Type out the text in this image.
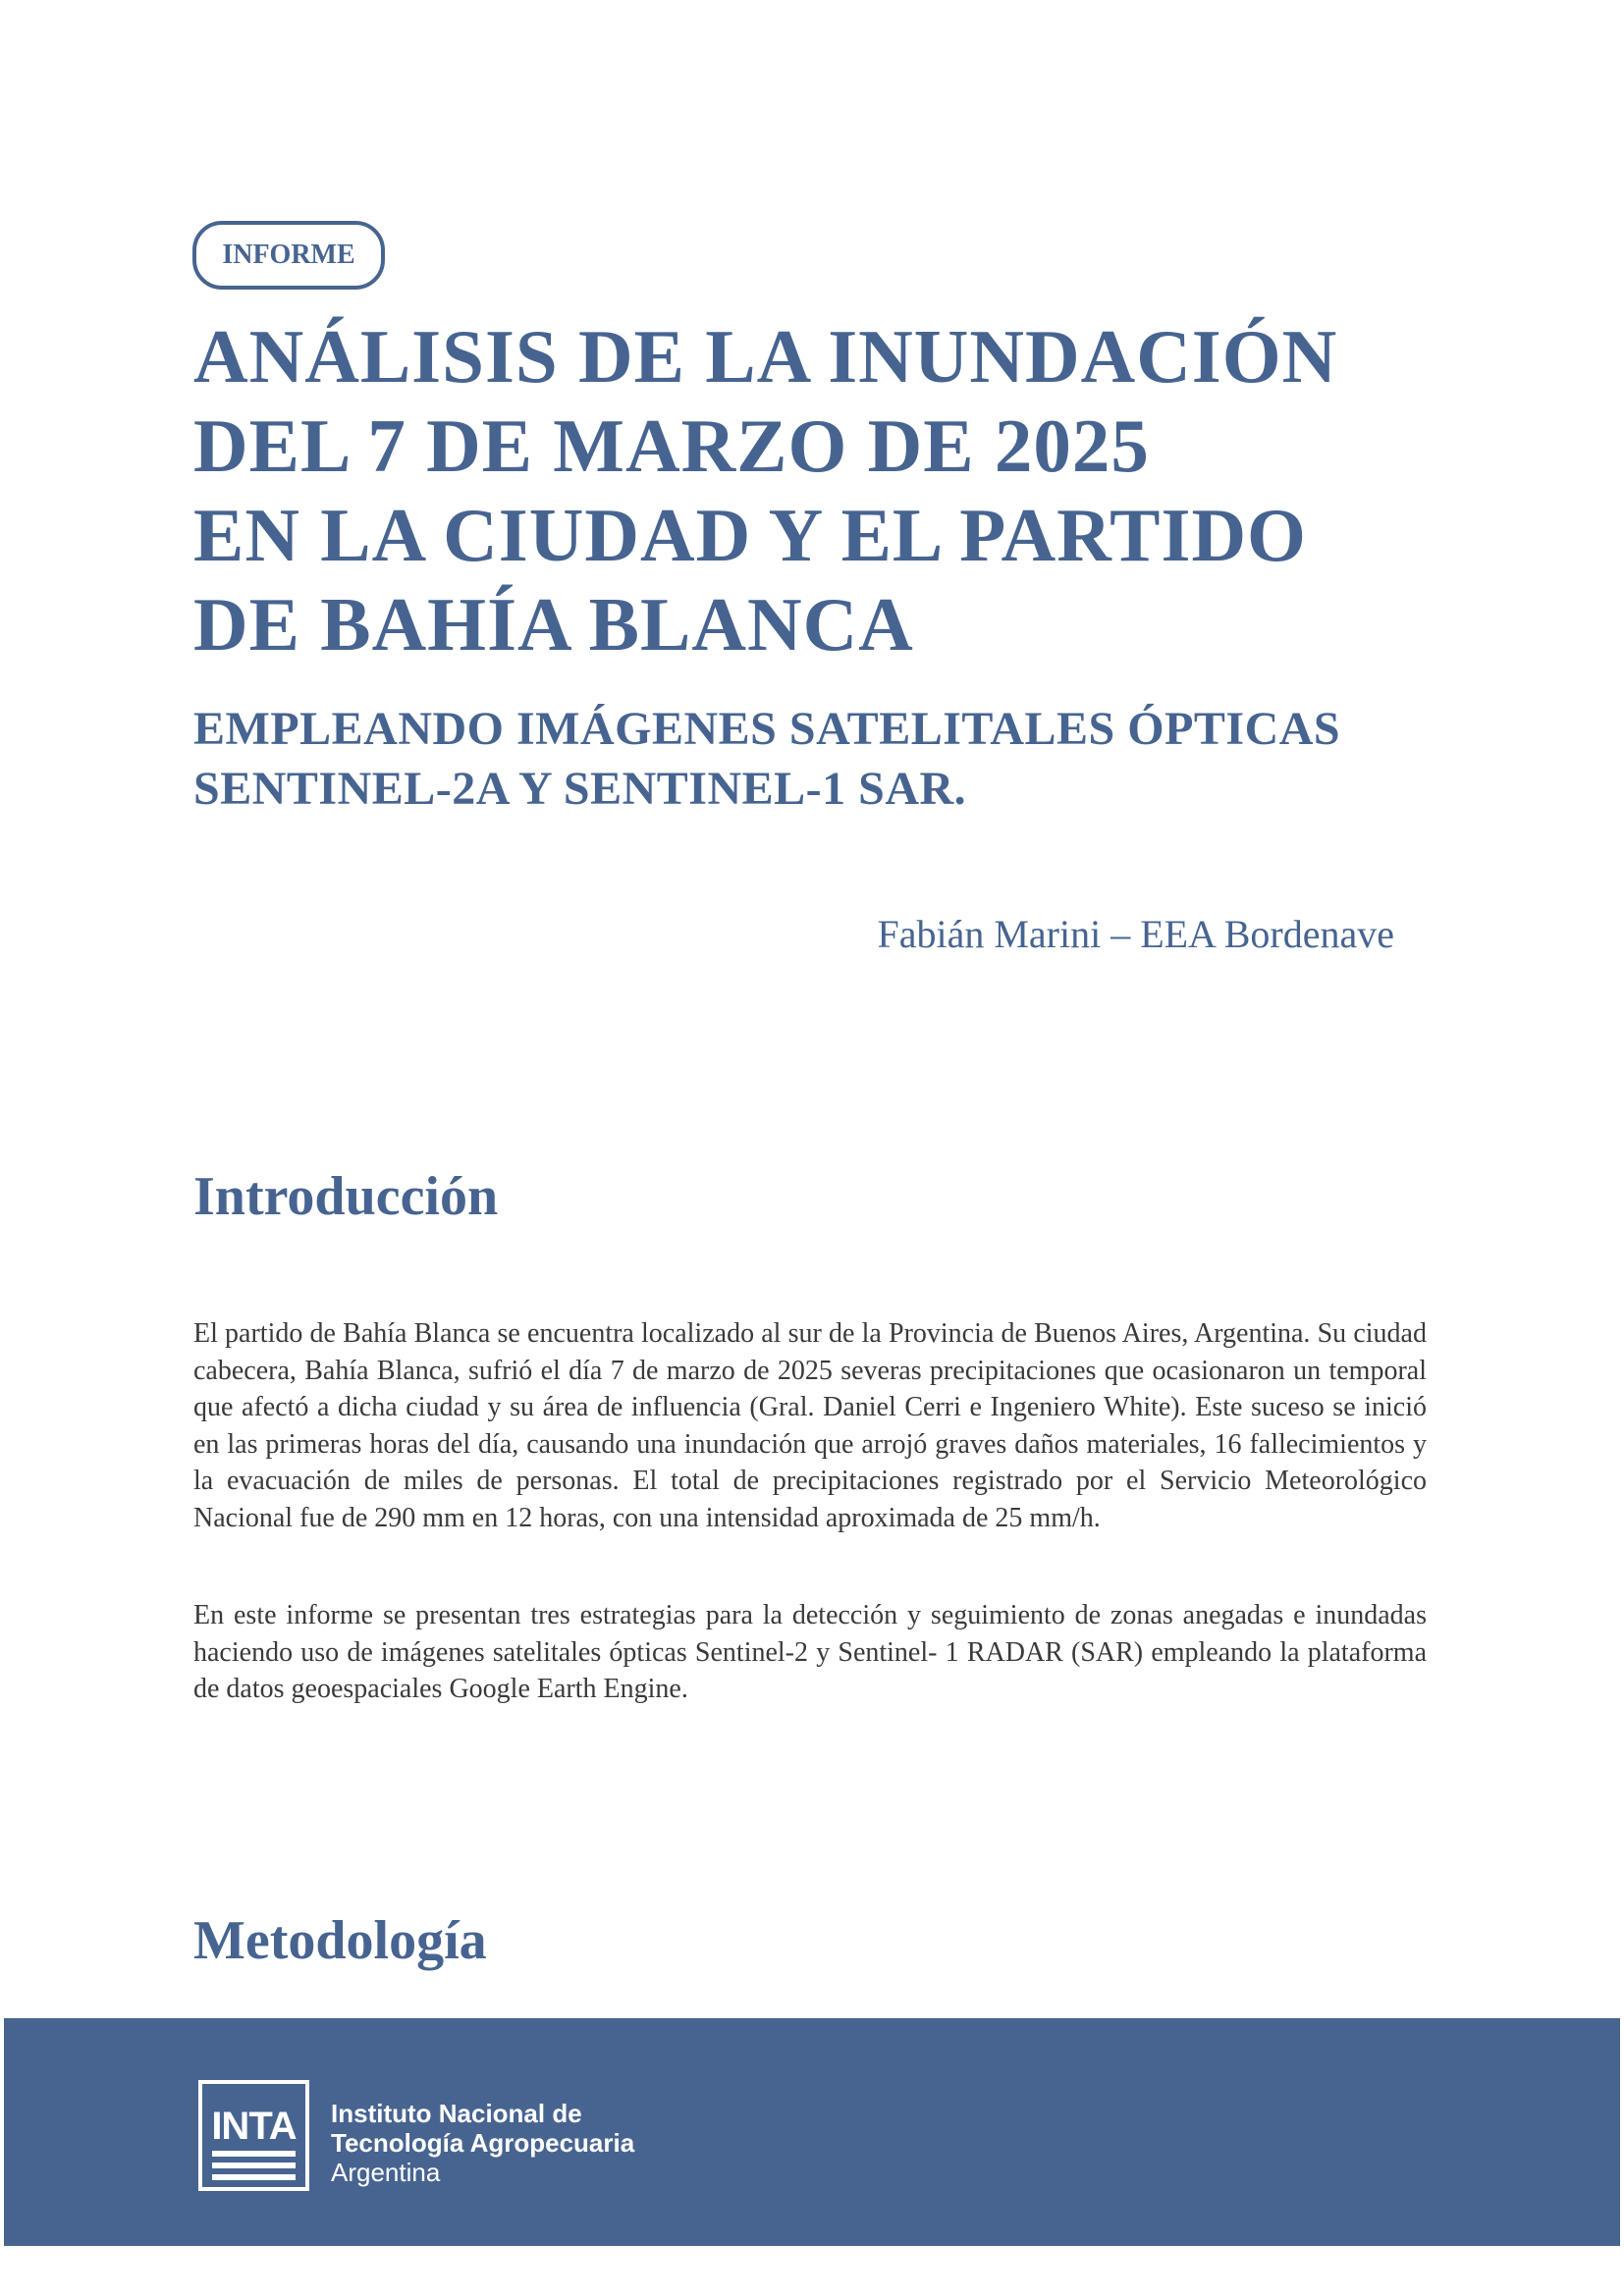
INFORME
ANÁLISIS DE LA INUNDACIÓN
DEL 7 DE MARZO DE 2025
EN LA CIUDAD Y EL PARTIDO
DE BAHÍA BLANCA
EMPLEANDO IMÁGENES SATELITALES ÓPTICAS
SENTINEL-2A Y SENTINEL-1 SAR.
Fabián Marini – EEA Bordenave
Introducción

El partido de Bahía Blanca se encuentra localizado al sur de la Provincia de Buenos Aires, Argentina. Su ciudad cabecera, Bahía Blanca, sufrió el día 7 de marzo de 2025 severas precipitaciones que ocasionaron un temporal que afectó a dicha ciudad y su área de influencia (Gral. Daniel Cerri e Ingeniero White). Este suceso se inició en las primeras horas del día, causando una inundación que arrojó graves daños materiales, 16 fallecimientos y la evacuación de miles de personas. El total de precipitaciones registrado por el Servicio Meteorológico Nacional fue de 290 mm en 12 horas, con una intensidad aproximada de 25 mm/h.

En este informe se presentan tres estrategias para la detección y seguimiento de zonas anegadas e inundadas haciendo uso de imágenes satelitales ópticas Sentinel-2 y Sentinel- 1 RADAR (SAR) empleando la plataforma de datos geoespaciales Google Earth Engine.

Metodología
INTA Instituto Nacional de
Tecnología Agropecuaria
Argentina
